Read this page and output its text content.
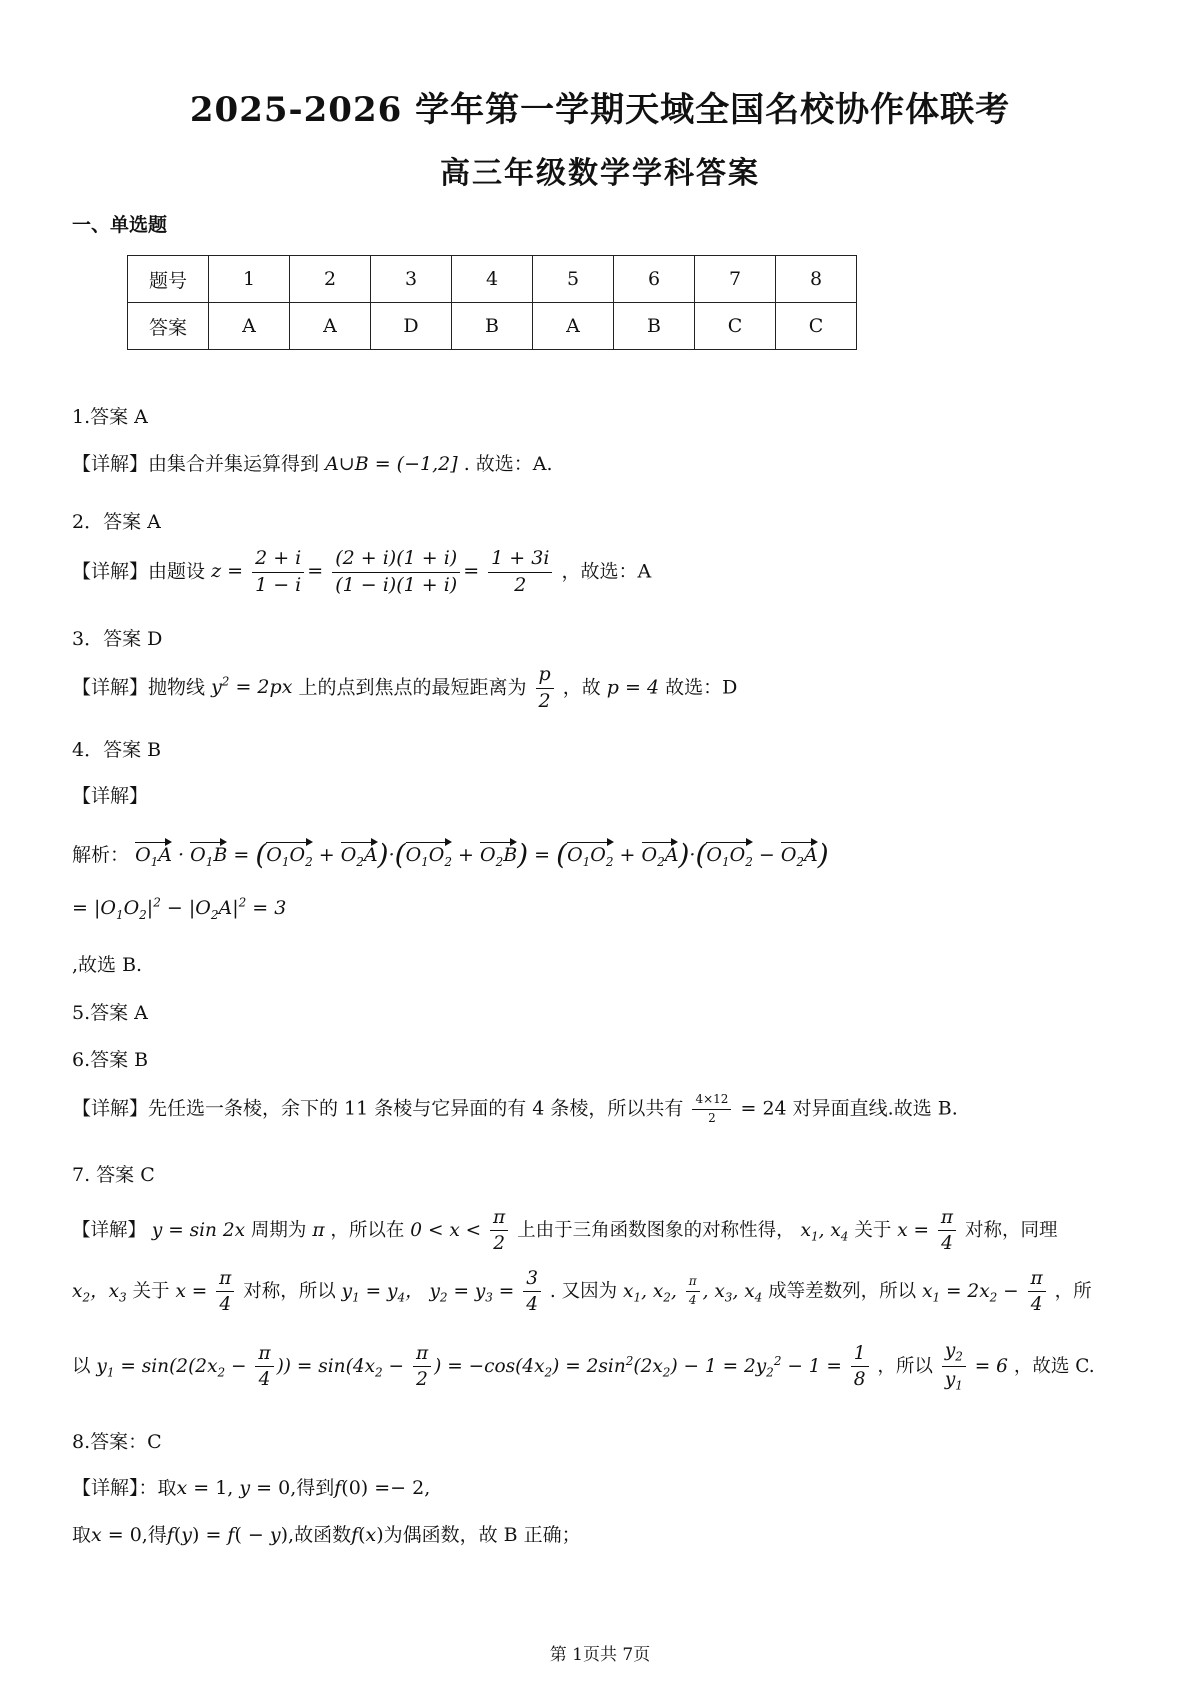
2025-2026 学年第一学期天域全国名校协作体联考
高三年级数学学科答案
一、单选题
题号	1	2	3	4	5	6	7	8
答案	A	A	D	B	A	B	C	C
1.答案 A
【详解】由集合并集运算得到 A∪B = (−1,2] . 故选：A.
2．答案 A
【详解】由题设 $z = \frac{2 + i}{1 - i} = \frac{(2 + i)(1 + i)}{(1 - i)(1 + i)} = \frac{1 + 3i}{2}$ ，故选：A
3．答案 D
【详解】抛物线 $y^2 = 2px$ 上的点到焦点的最短距离为 $\frac{p}{2}$ ，故 p = 4 故选：D
4．答案 B
【详解】
解析： $O_1A \cdot O_1B = (O_1O_2 + O_2A)\cdot(O_1O_2 + O_2B) = (O_1O_2 + O_2A)\cdot(O_1O_2 - O_2A)$
= $|O_1O_2|^2 - |O_2A|^2 = 3$
,故选 B.
5.答案 A
6.答案 B
【详解】先任选一条棱，余下的 11 条棱与它异面的有 4 条棱，所以共有 $\frac{4\times 12}{2} = 24$ 对异面直线.故选 B.
7. 答案 C
【详解】 y = sin 2x 周期为 π ，所以在 $0 < x < \frac{\pi}{2}$ 上由于三角函数图象的对称性得， $x_1$, $x_4$ 关于 $x = \frac{\pi}{4}$ 对称，同理
$x_2$，$x_3$ 关于 $x = \frac{\pi}{4}$ 对称，所以 $y_1 = y_4$， $y_2 = y_3 = \frac{3}{4}$ . 又因为 $x_1$, $x_2$, $\frac{\pi}{4}$ , $x_3$, $x_4$ 成等差数列，所以 $x_1 = 2x_2 - \frac{\pi}{4}$ ，所
以 $y_1 = \sin(2(2x_2 - \frac{\pi}{4}$ )) = $\sin(4x_2 - \frac{\pi}{2}$ ) = $-\cos(4x_2) = 2\sin^2(2x_2) - 1 = 2y_2^2 - 1 = \frac{1}{8}$ ，所以 $\frac{y_2}{y_1} = 6$ ，故选 C.
8.答案：C
【详解】：取𝑥 = 1, 𝑦 = 0,得到𝑓(0) =− 2,
取𝑥 = 0,得𝑓(𝑦) = 𝑓( − 𝑦),故函数𝑓(𝑥)为偶函数，故 B 正确；
第 1页共 7页
